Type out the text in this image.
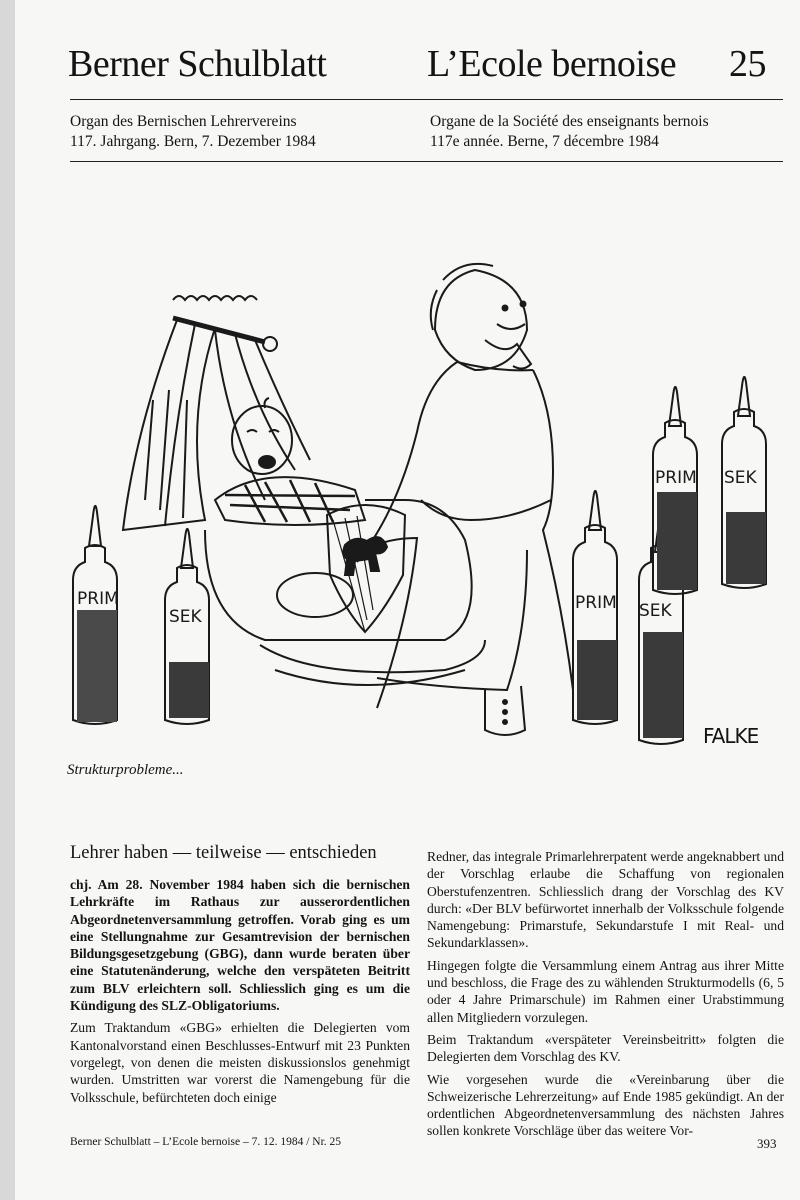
Berner Schulblatt	L’Ecole bernoise 25
Organ des Bernischen Lehrervereins
117. Jahrgang. Bern, 7. Dezember 1984
Organe de la Société des enseignants bernois
117e année. Berne, 7 décembre 1984
PRIM
SEK
PRIM SEK
PRIM SEK
FALKE
Strukturprobleme...
Lehrer haben — teilweise — entschieden

chj. Am 28. November 1984 haben sich die bernischen Lehrkräfte im Rathaus zur ausserordentlichen Abgeordnetenversammlung getroffen. Vorab ging es um eine Stellungnahme zur Gesamtrevision der bernischen Bildungsgesetzgebung (GBG), dann wurde beraten über eine Statutenänderung, welche den verspäteten Beitritt zum BLV erleichtern soll. Schliesslich ging es um die Kündigung des SLZ-Obligatoriums.

Zum Traktandum «GBG» erhielten die Delegierten vom Kantonalvorstand einen Beschlusses-Entwurf mit 23 Punkten vorgelegt, von denen die meisten diskussionslos genehmigt wurden. Umstritten war vorerst die Namengebung für die Volksschule, befürchteten doch einige

Redner, das integrale Primarlehrerpatent werde angeknabbert und der Vorschlag erlaube die Schaffung von regionalen Oberstufenzentren. Schliesslich drang der Vorschlag des KV durch: «Der BLV befürwortet innerhalb der Volksschule folgende Namengebung: Primarstufe, Sekundarstufe I mit Real- und Sekundarklassen».

Hingegen folgte die Versammlung einem Antrag aus ihrer Mitte und beschloss, die Frage des zu wählenden Strukturmodells (6, 5 oder 4 Jahre Primarschule) im Rahmen einer Urabstimmung allen Mitgliedern vorzulegen.

Beim Traktandum «verspäteter Vereinsbeitritt» folgten die Delegierten dem Vorschlag des KV.

Wie vorgesehen wurde die «Vereinbarung über die Schweizerische Lehrerzeitung» auf Ende 1985 gekündigt. An der ordentlichen Abgeordnetenversammlung des nächsten Jahres sollen konkrete Vorschläge über das weitere Vor-

Berner Schulblatt – L’Ecole bernoise – 7. 12. 1984 / Nr. 25	393
